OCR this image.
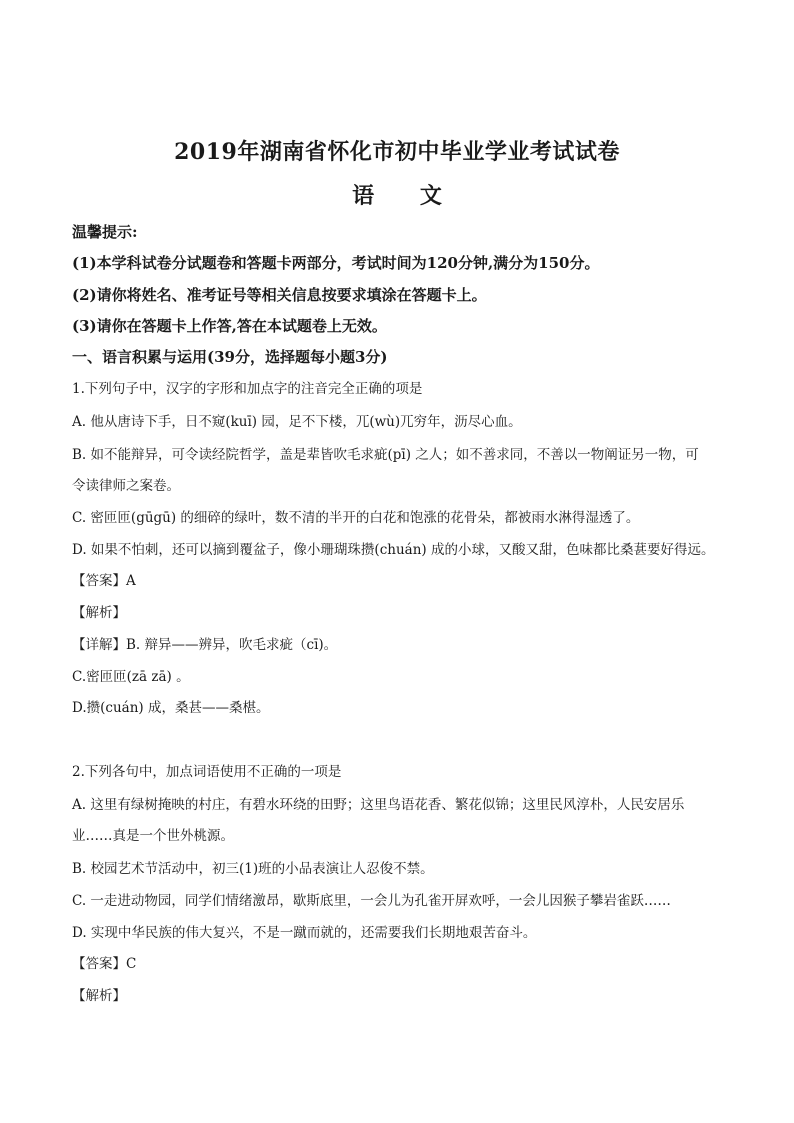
2019年湖南省怀化市初中毕业学业考试试卷
语 文
温馨提示:
(1)本学科试卷分试题卷和答题卡两部分，考试时间为120分钟,满分为150分。
(2)请你将姓名、准考证号等相关信息按要求填涂在答题卡上。
(3)请你在答题卡上作答,答在本试题卷上无效。
一、语言积累与运用(39分，选择题每小题3分)
1.下列句子中，汉字的字形和加点字的注音完全正确的项是
A. 他从唐诗下手，日不窥(kuī) 园，足不下楼，兀(wù)兀穷年，沥尽心血。
B. 如不能辩异，可令读经院哲学，盖是辈皆吹毛求疵(pī) 之人；如不善求同，不善以一物阐证另一物，可
令读律师之案卷。
C. 密匝匝(gūgū) 的细碎的绿叶，数不清的半开的白花和饱涨的花骨朵，都被雨水淋得湿透了。
D. 如果不怕刺，还可以摘到覆盆子，像小珊瑚珠攒(chuán) 成的小球，又酸又甜，色味都比桑葚要好得远。
【答案】A
【解析】
【详解】B. 辩异——辨异，吹毛求疵（cī)。
C.密匝匝(zā zā) 。
D.攒(cuán) 成，桑甚——桑椹。
2.下列各句中，加点词语使用不正确的一项是
A. 这里有绿树掩映的村庄，有碧水环绕的田野；这里鸟语花香、繁花似锦；这里民风淳朴，人民安居乐
业……真是一个世外桃源。
B. 校园艺术节活动中，初三(1)班的小品表演让人忍俊不禁。
C. 一走进动物园，同学们情绪激昂，歇斯底里，一会儿为孔雀开屏欢呼，一会儿因猴子攀岩雀跃……
D. 实现中华民族的伟大复兴，不是一蹴而就的，还需要我们长期地艰苦奋斗。
【答案】C
【解析】
